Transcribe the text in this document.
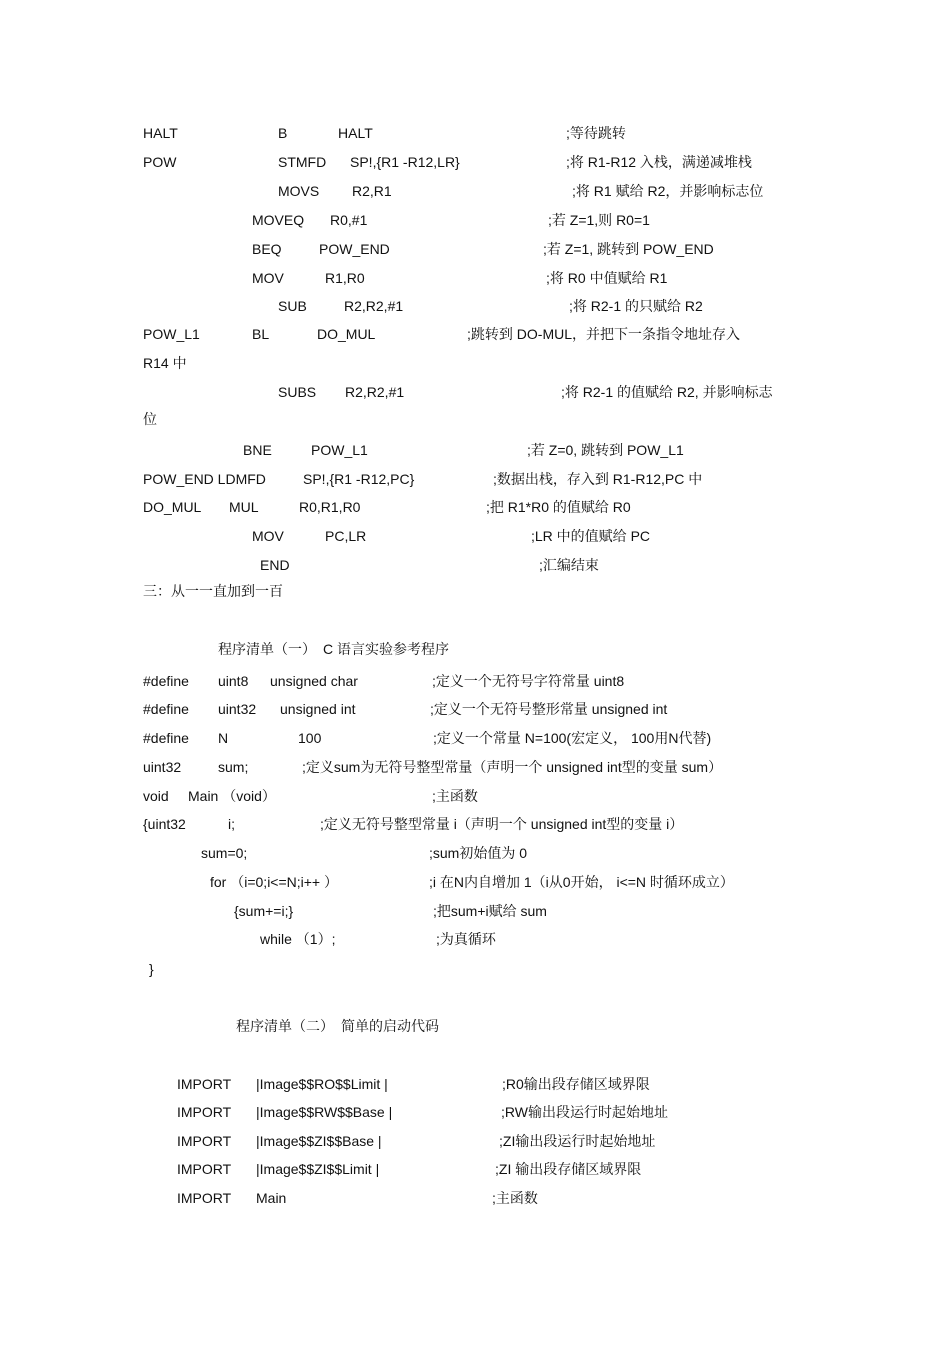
HALT	B	HALT	;等待跳转
POW	STMFD SP!,{R1 -R12,LR}	;将 R1-R12 入栈，满递减堆栈
MOVS R2,R1	;将 R1 赋给 R2，并影响标志位
MOVEQ R0,#1	;若 Z=1,则 R0=1
BEQ	POW_END	;若 Z=1, 跳转到 POW_END
MOV	R1,R0	;将 R0 中值赋给 R1
SUB	R2,R2,#1	;将 R2-1 的只赋给 R2
POW_L1	BL	DO_MUL	;跳转到 DO-MUL，并把下一条指令地址存入
R14 中
SUBS R2,R2,#1	;将 R2-1 的值赋给 R2, 并影响标志
位
BNE	POW_L1	;若 Z=0, 跳转到 POW_L1
POW_END LDMFD	SP!,{R1 -R12,PC}	;数据出栈，存入到 R1-R12,PC 中
DO_MUL MUL	R0,R1,R0	;把 R1*R0 的值赋给 R0
MOV	PC,LR	;LR 中的值赋给 PC
END	;汇编结束
三：从一一直加到一百
程序清单（一）　C 语言实验参考程序
#define uint8 unsigned char	;定义一个无符号字符常量 uint8
#define uint32 unsigned int	;定义一个无符号整形常量 unsigned int
#define N	100	;定义一个常量 N=100(宏定义， 100用N代替)
uint32	sum;	;定义sum为无符号整型常量（声明一个 unsigned int型的变量 sum）
void Main （void）	;主函数
{uint32	i;	;定义无符号整型常量 i（声明一个 unsigned int型的变量 i）
sum=0;	;sum初始值为 0
for （i=0;i<=N;i++ ）	;i 在N内自增加 1（i从0开始， i<=N 时循环成立）
{sum+=i;}	;把sum+i赋给 sum
while （1）;	;为真循环
}
程序清单（二）　简单的启动代码
IMPORT |Image$$RO$$Limit |	;R0输出段存储区域界限
IMPORT |Image$$RW$$Base |	;RW输出段运行时起始地址
IMPORT |Image$$ZI$$Base |	;ZI输出段运行时起始地址
IMPORT |Image$$ZI$$Limit |	;ZI 输出段存储区域界限
IMPORT Main	;主函数
